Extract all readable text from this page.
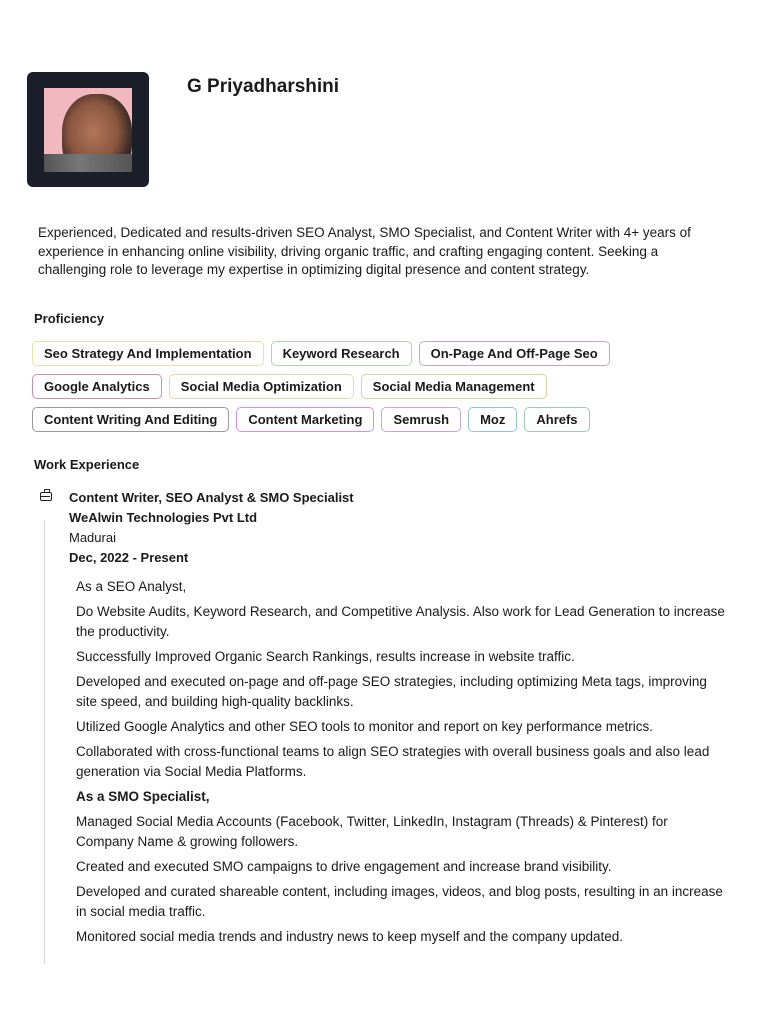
G Priyadharshini

Experienced, Dedicated and results-driven SEO Analyst, SMO Specialist, and Content Writer with 4+ years of experience in enhancing online visibility, driving organic traffic, and crafting engaging content. Seeking a challenging role to leverage my expertise in optimizing digital presence and content strategy.

Proficiency
Seo Strategy And Implementation	Keyword Research	On-Page And Off-Page Seo
Google Analytics	Social Media Optimization	Social Media Management
Content Writing And Editing	Content Marketing	Semrush	Moz	Ahrefs
Work Experience
Content Writer, SEO Analyst & SMO Specialist
WeAlwin Technologies Pvt Ltd
Madurai
Dec, 2022 - Present

As a SEO Analyst,

Do Website Audits, Keyword Research, and Competitive Analysis. Also work for Lead Generation to increase the productivity.

Successfully Improved Organic Search Rankings, results increase in website traffic.

Developed and executed on-page and off-page SEO strategies, including optimizing Meta tags, improving site speed, and building high-quality backlinks.

Utilized Google Analytics and other SEO tools to monitor and report on key performance metrics.

Collaborated with cross-functional teams to align SEO strategies with overall business goals and also lead generation via Social Media Platforms.

As a SMO Specialist,

Managed Social Media Accounts (Facebook, Twitter, LinkedIn, Instagram (Threads) & Pinterest) for Company Name & growing followers.

Created and executed SMO campaigns to drive engagement and increase brand visibility.

Developed and curated shareable content, including images, videos, and blog posts, resulting in an increase in social media traffic.

Monitored social media trends and industry news to keep myself and the company updated.
